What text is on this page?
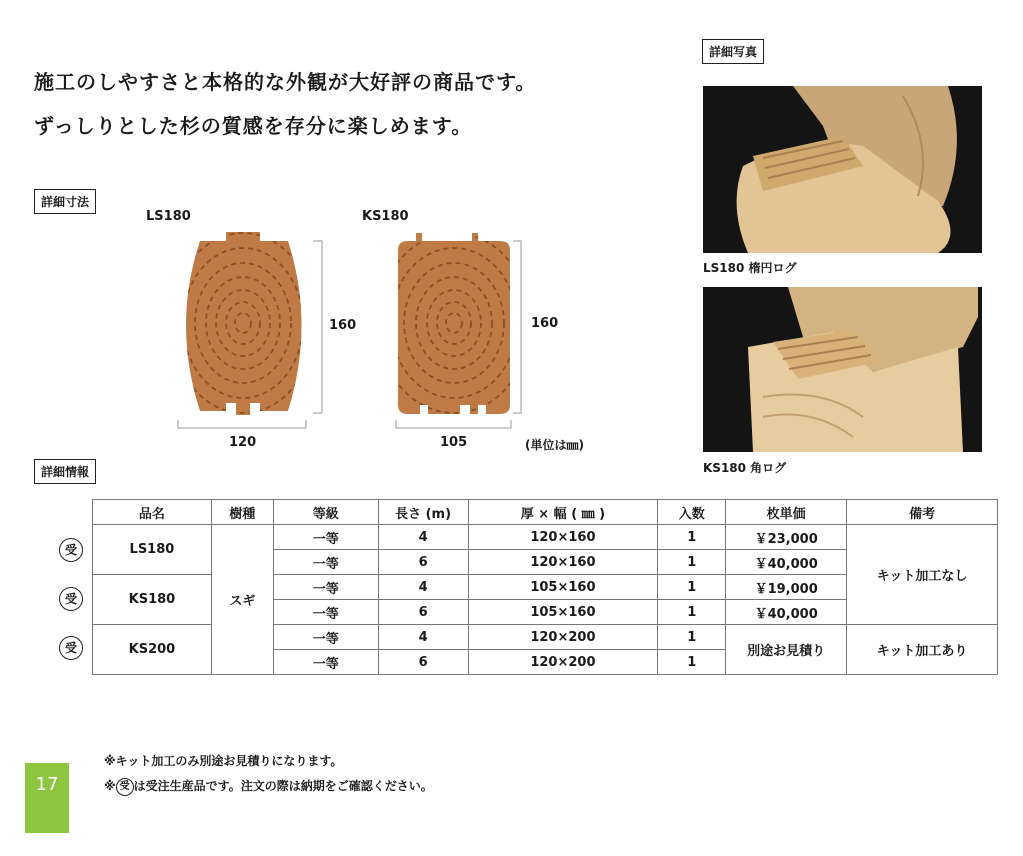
施工のしやすさと本格的な外観が大好評の商品です。
ずっしりとした杉の質感を存分に楽しめます。
詳細寸法
詳細写真
詳細情報
LS180	KS180
160	160
120	105	(単位は㎜)
LS180 楕円ログ
KS180 角ログ
受
受
受
品名	樹種	等級	長さ (m)	厚 × 幅 ( ㎜ )	入数	枚単価	備考
LS180	スギ	一等	4	120×160	1	￥23,000	キット加工なし
		一等	6	120×160	1	￥40,000	
KS180		一等	4	105×160	1	￥19,000	
		一等	6	105×160	1	￥40,000	
KS200		一等	4	120×200	1	別途お見積り	キット加工あり
		一等	6	120×200	1		
※キット加工のみ別途お見積りになります。
※ 受 は受注生産品です。注文の際は納期をご確認ください。
17
